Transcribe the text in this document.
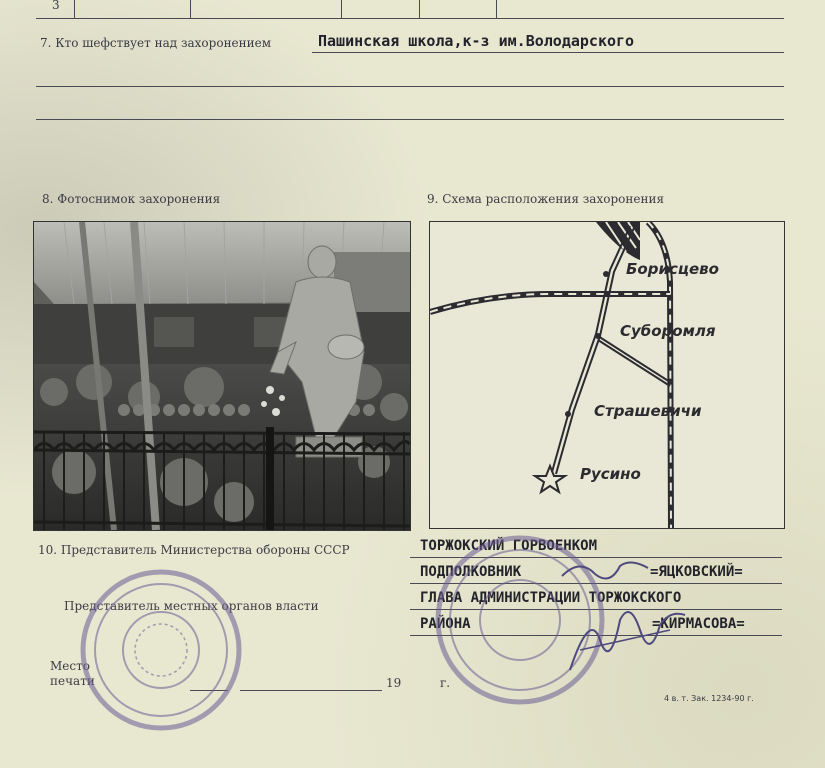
3
7. Кто шефствует над захоронением	Пашинская школа,к-з им.Володарского
8. Фотоснимок захоронения	9. Схема расположения захоронения
Борисцево
Суборомля
Страшевичи
Русино
10. Представитель Министерства обороны СССР
Представитель местных органов власти
ТОРЖОКСКИЙ ГОРВОЕНКОМ
ПОДПОЛКОВНИК	=ЯЦКОВСКИЙ=
ГЛАВА АДМИНИСТРАЦИИ ТОРЖОКСКОГО
РАЙОНА	=КИРМАСОВА=
Место
печати	19	г.
4 в. т. Зак. 1234-90 г.
